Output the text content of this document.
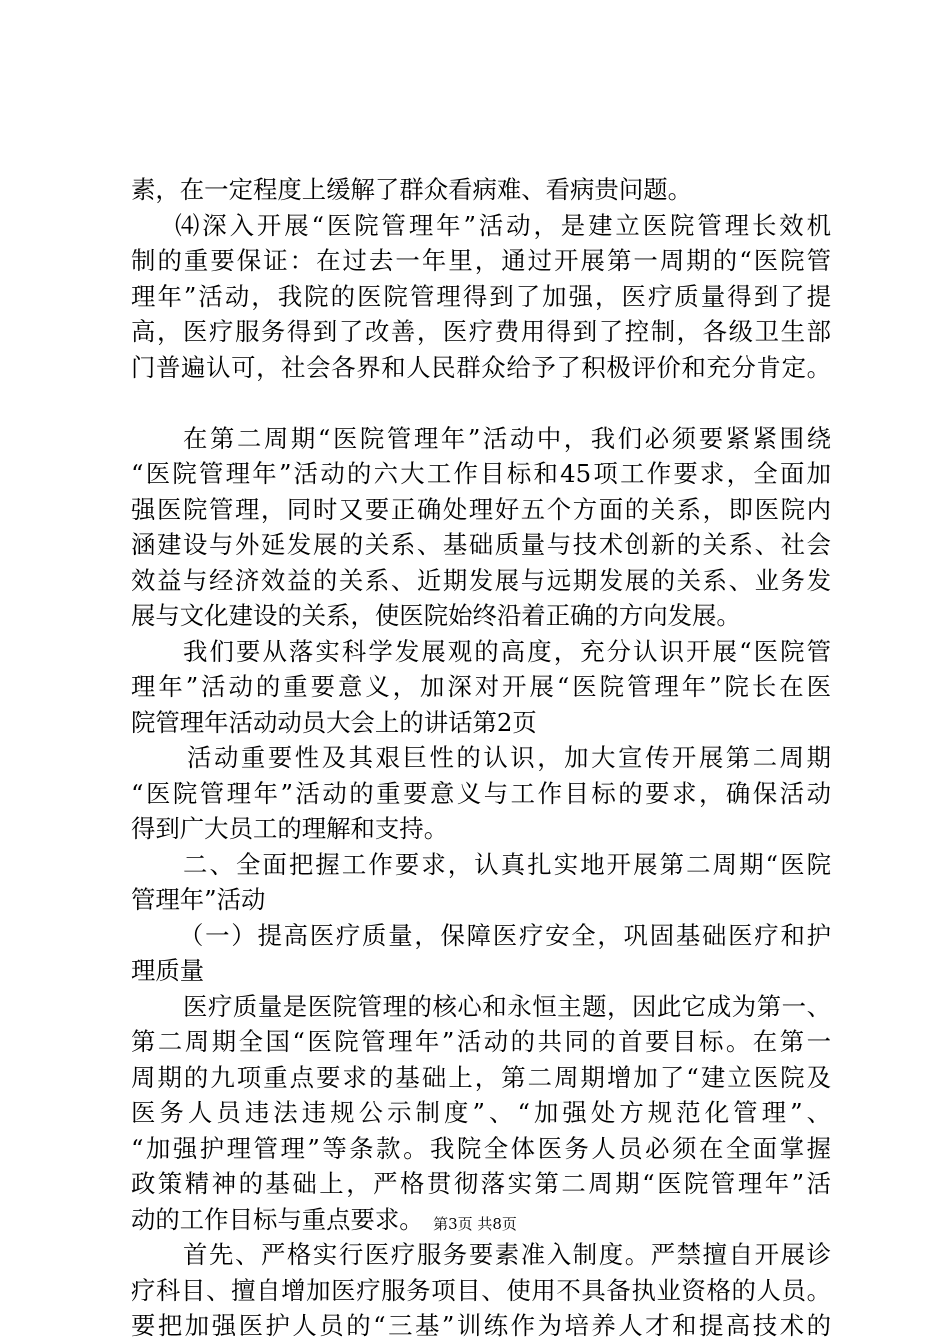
素，在一定程度上缓解了群众看病难、看病贵问题。
⑷深入开展“医院管理年”活动，是建立医院管理长效机
制的重要保证：在过去一年里，通过开展第一周期的“医院管
理年”活动，我院的医院管理得到了加强，医疗质量得到了提
高，医疗服务得到了改善，医疗费用得到了控制，各级卫生部
门普遍认可，社会各界和人民群众给予了积极评价和充分肯定。
在第二周期“医院管理年”活动中，我们必须要紧紧围绕
“医院管理年”活动的六大工作目标和45项工作要求，全面加
强医院管理，同时又要正确处理好五个方面的关系，即医院内
涵建设与外延发展的关系、基础质量与技术创新的关系、社会
效益与经济效益的关系、近期发展与远期发展的关系、业务发
展与文化建设的关系，使医院始终沿着正确的方向发展。
我们要从落实科学发展观的高度，充分认识开展“医院管
理年”活动的重要意义，加深对开展“医院管理年”院长在医
院管理年活动动员大会上的讲话第2页
活动重要性及其艰巨性的认识，加大宣传开展第二周期
“医院管理年”活动的重要意义与工作目标的要求，确保活动
得到广大员工的理解和支持。
二、全面把握工作要求，认真扎实地开展第二周期“医院
管理年”活动
（一）提高医疗质量，保障医疗安全，巩固基础医疗和护
理质量
医疗质量是医院管理的核心和永恒主题，因此它成为第一、
第二周期全国“医院管理年”活动的共同的首要目标。在第一
周期的九项重点要求的基础上，第二周期增加了“建立医院及
医务人员违法违规公示制度”、“加强处方规范化管理”、
“加强护理管理”等条款。我院全体医务人员必须在全面掌握
政策精神的基础上，严格贯彻落实第二周期“医院管理年”活
动的工作目标与重点要求。
首先、严格实行医疗服务要素准入制度。严禁擅自开展诊
疗科目、擅自增加医疗服务项目、使用不具备执业资格的人员。
要把加强医护人员的“三基”训练作为培养人才和提高技术的
第3页 共8页
